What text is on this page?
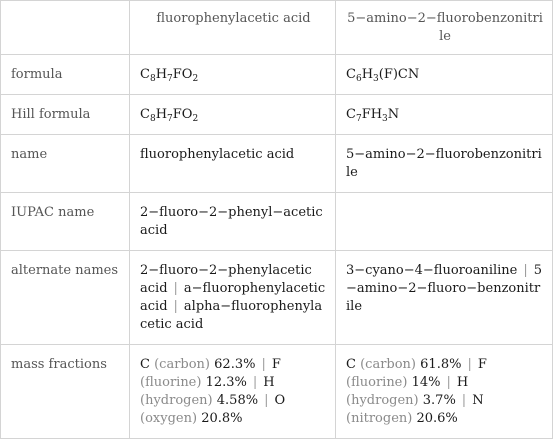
	fluorophenylacetic acid	5−amino−2−fluorobenzonitrile
formula	$C_8H_7FO_2$	$C_6H_3(F)CN$
Hill formula	$C_8H_7FO_2$	$C_7FH_3N$
name	fluorophenylacetic acid	5−amino−2−fluorobenzonitrile
IUPAC name	2−fluoro−2−phenyl−acetic acid	
alternate names	2−fluoro−2−phenylacetic acid | a−fluorophenylacetic acid | alpha−fluorophenylacetic acid	3−cyano−4−fluoroaniline | 5−amino−2−fluoro−benzonitrile
mass fractions	C (carbon) 62.3% | F (fluorine) 12.3% | H (hydrogen) 4.58% | O (oxygen) 20.8%	C (carbon) 61.8% | F (fluorine) 14% | H (hydrogen) 3.7% | N (nitrogen) 20.6%
